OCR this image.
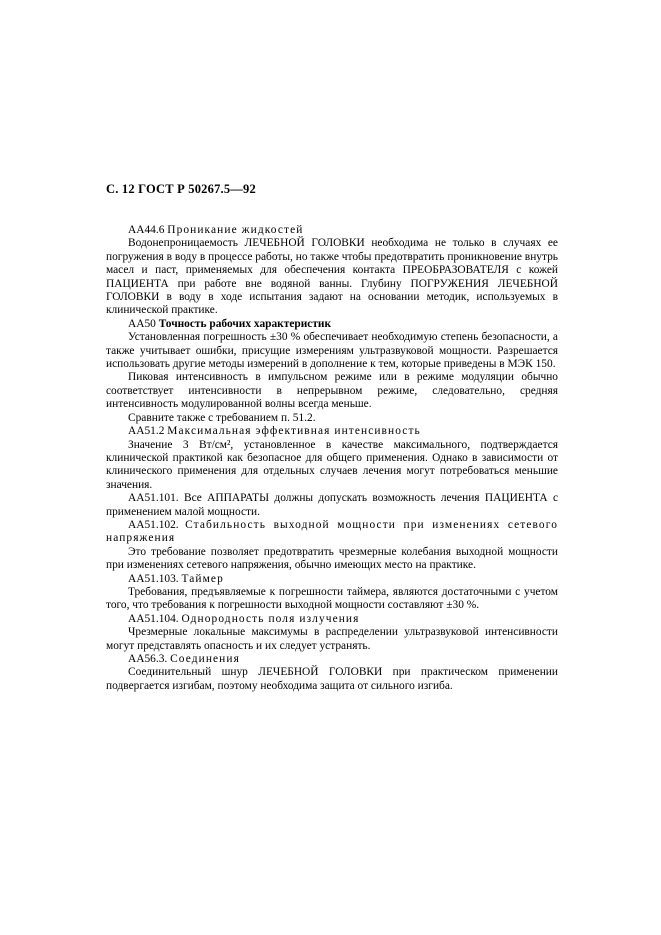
С. 12 ГОСТ Р 50267.5—92

АА44.6 Проникание жидкостей

Водонепроницаемость ЛЕЧЕБНОЙ ГОЛОВКИ необходима не только в случаях ее погружения в воду в процессе работы, но также чтобы предотвратить проникновение внутрь масел и паст, применяемых для обеспечения контакта ПРЕОБРАЗОВАТЕЛЯ с кожей ПАЦИЕНТА при работе вне водяной ванны. Глубину ПОГРУЖЕНИЯ ЛЕЧЕБНОЙ ГОЛОВКИ в воду в ходе испытания задают на основании методик, используемых в клинической практике.

АА50 Точность рабочих характеристик

Установленная погрешность ±30 % обеспечивает необходимую степень безопасности, а также учитывает ошибки, присущие измерениям ультразвуковой мощности. Разрешается использовать другие методы измерений в дополнение к тем, которые приведены в МЭК 150.

Пиковая интенсивность в импульсном режиме или в режиме модуляции обычно соответствует интенсивности в непрерывном режиме, следовательно, средняя интенсивность модулированной волны всегда меньше.

Сравните также с требованием п. 51.2.

АА51.2 Максимальная эффективная интенсивность

Значение 3 Вт/см², установленное в качестве максимального, подтверждается клинической практикой как безопасное для общего применения. Однако в зависимости от клинического применения для отдельных случаев лечения могут потребоваться меньшие значения.

АА51.101. Все АППАРАТЫ должны допускать возможность лечения ПАЦИЕНТА с применением малой мощности.

АА51.102. Стабильность выходной мощности при изменениях сетевого напряжения

Это требование позволяет предотвратить чрезмерные колебания выходной мощности при изменениях сетевого напряжения, обычно имеющих место на практике.

АА51.103. Таймер

Требования, предъявляемые к погрешности таймера, являются достаточными с учетом того, что требования к погрешности выходной мощности составляют ±30 %.

АА51.104. Однородность поля излучения

Чрезмерные локальные максимумы в распределении ультразвуковой интенсивности могут представлять опасность и их следует устранять.

АА56.3. Соединения

Соединительный шнур ЛЕЧЕБНОЙ ГОЛОВКИ при практическом применении подвергается изгибам, поэтому необходима защита от сильного изгиба.
